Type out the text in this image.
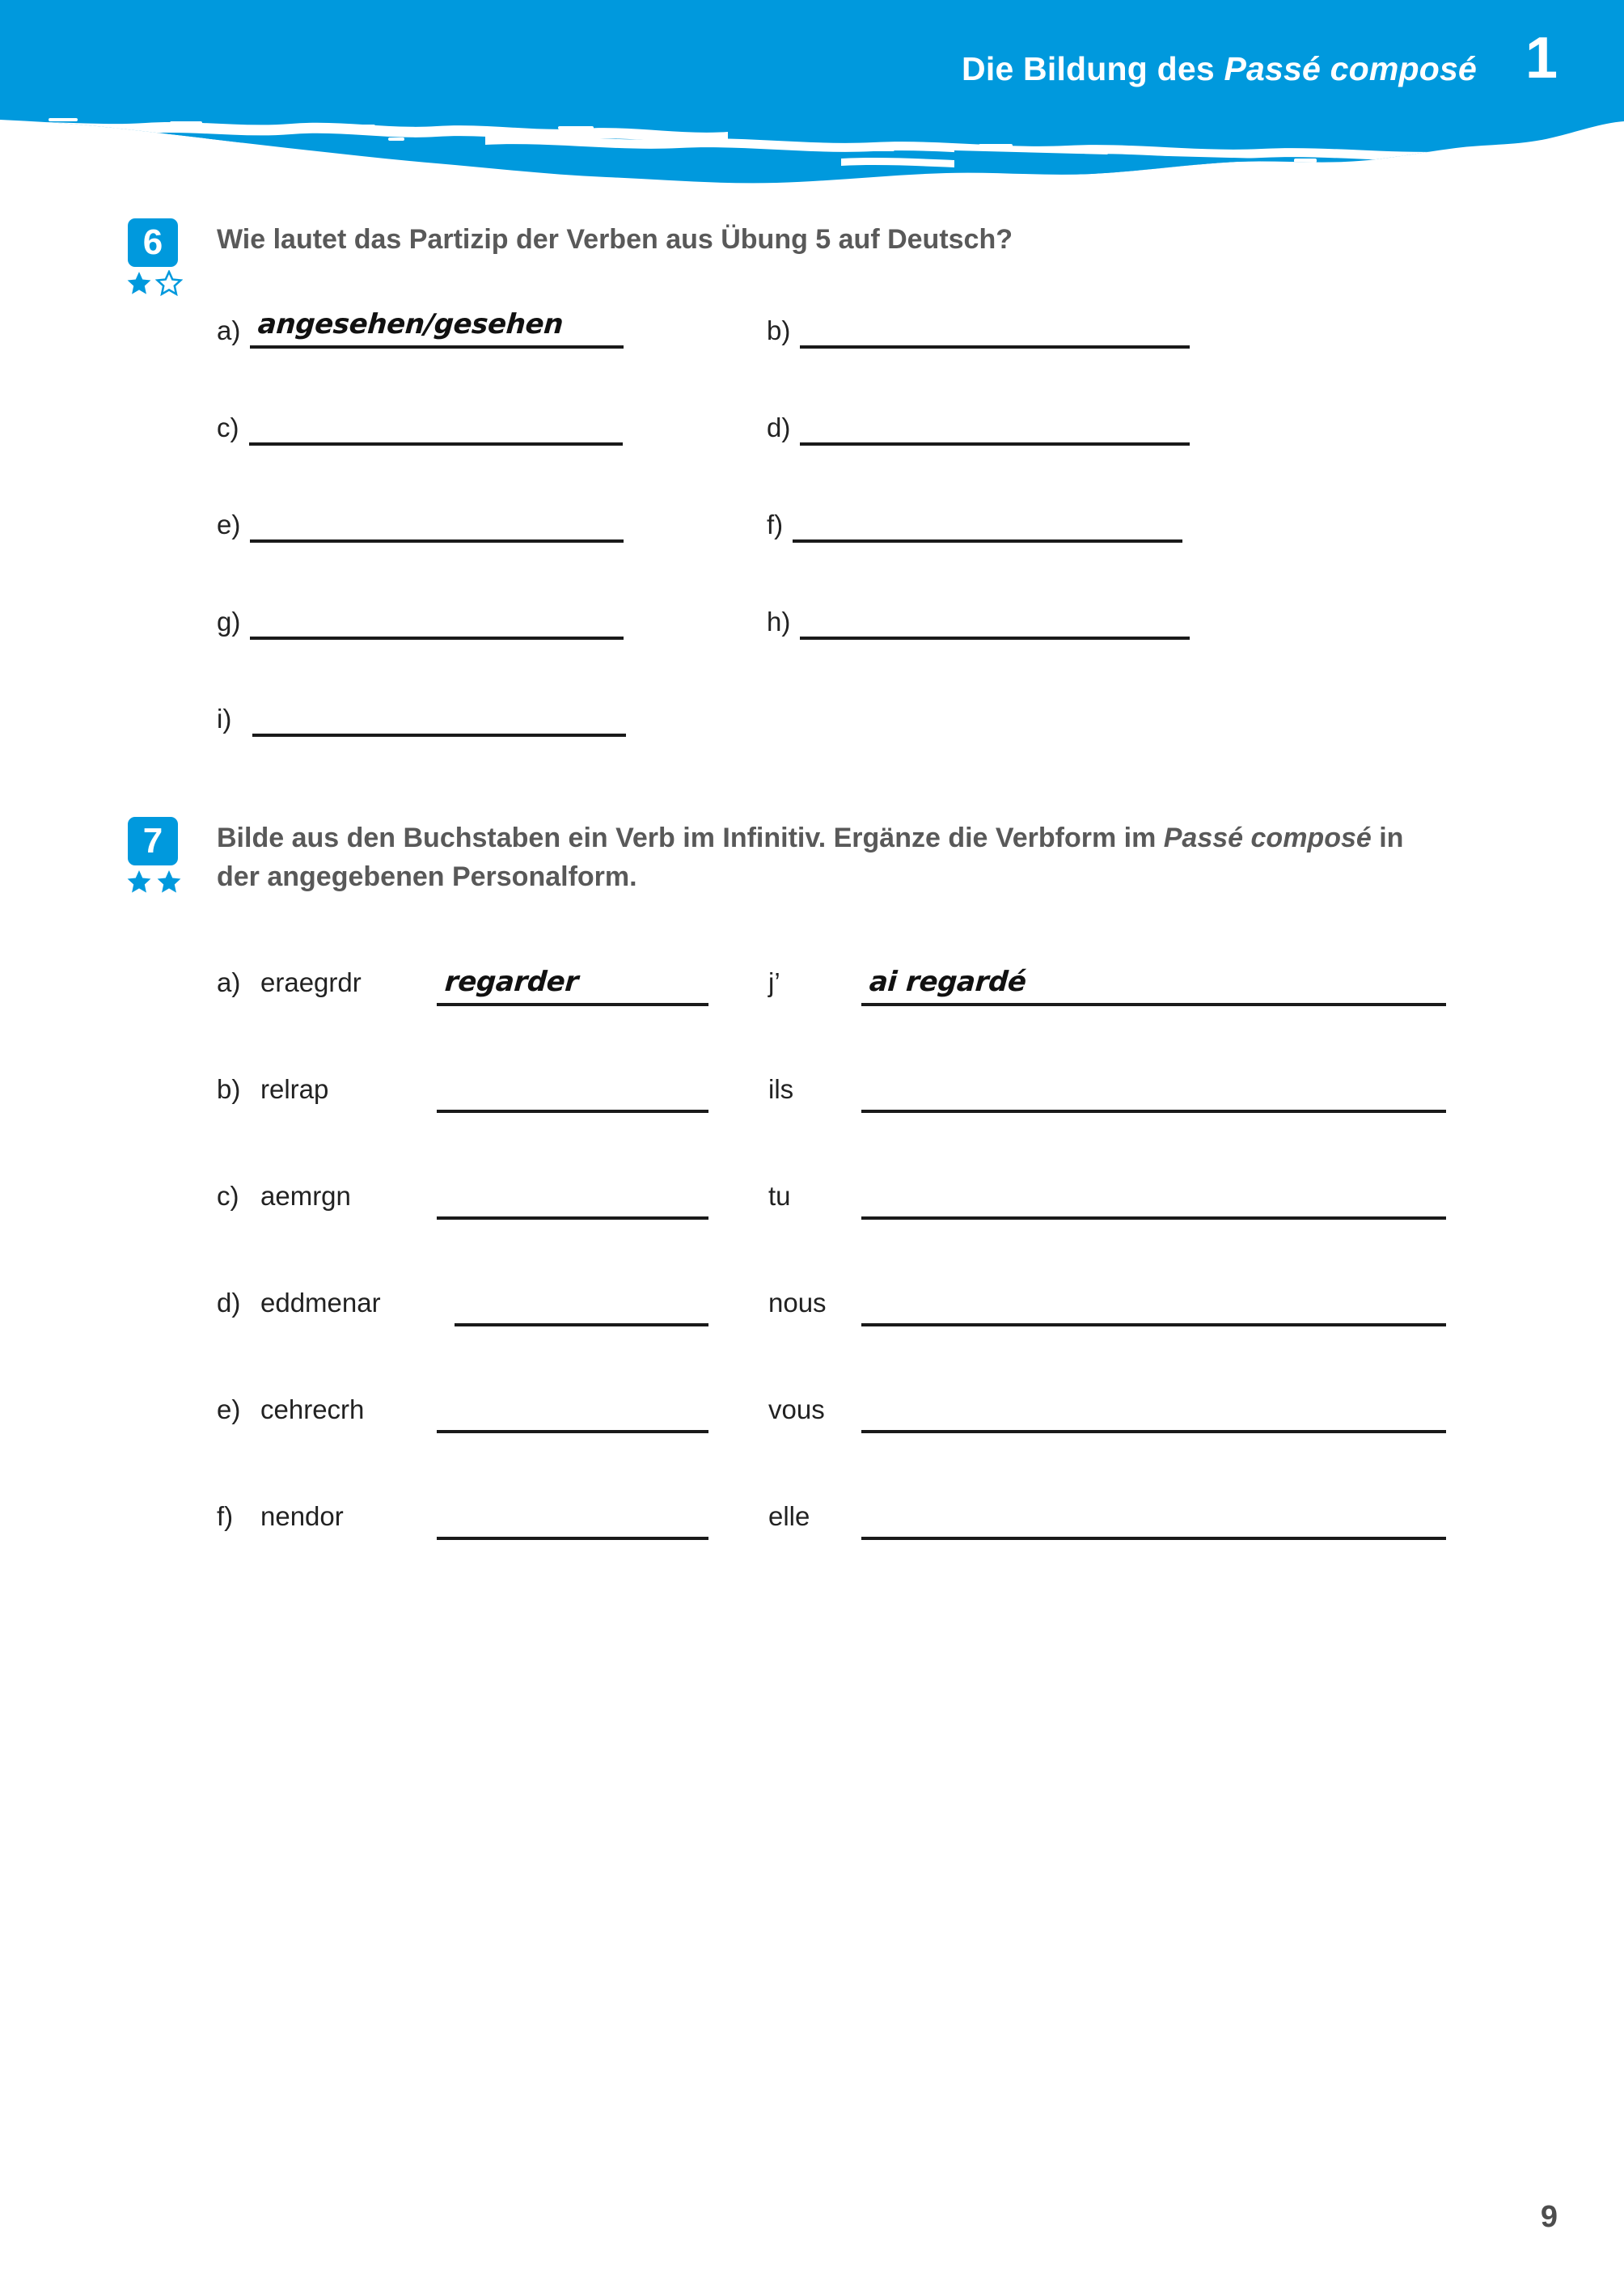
Die Bildung des Passé composé 1
6	Wie lautet das Partizip der Verben aus Übung 5 auf Deutsch?
a) angesehen/gesehen	b)
c)	d)
e)	f)
g)	h)
i)
7	Bilde aus den Buchstaben ein Verb im Infinitiv. Ergänze die Verbform im Passé composé in der angegebenen Personalform.
a) eraegrdr	regarder	j’	ai regardé
b) relrap	ils
c) aemrgn	tu
d) eddmenar	nous
e) cehrecrh	vous
f) nendor	elle
9
